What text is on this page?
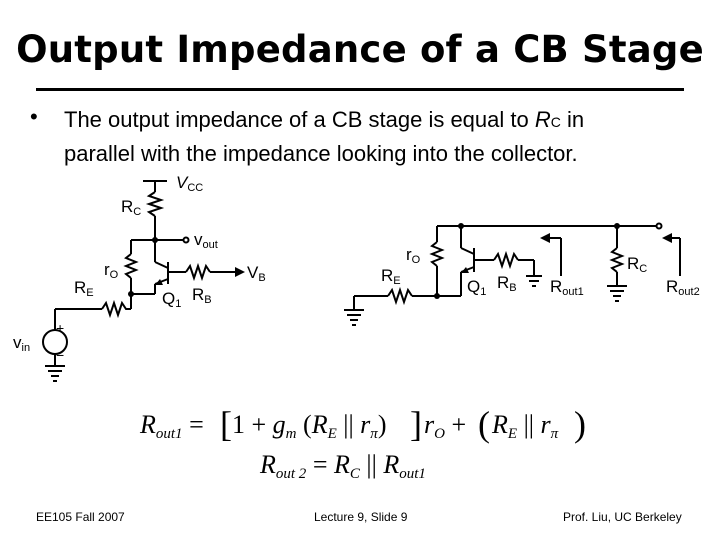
Output Impedance of a CB Stage
• The output impedance of a CB stage is equal to RC in
parallel with the impedance looking into the collector.
VCC
RC
vout
rO	VB
RE	Q1 RB
vin
+
−
rO
RE	Q1 RB Rout1
RC
Rout2
Rout1 = [ 1 + gm (RE || rπ) ] rO + ( RE || rπ )
Rout 2 = RC || Rout1
EE105 Fall 2007	Lecture 9, Slide 9	Prof. Liu, UC Berkeley
